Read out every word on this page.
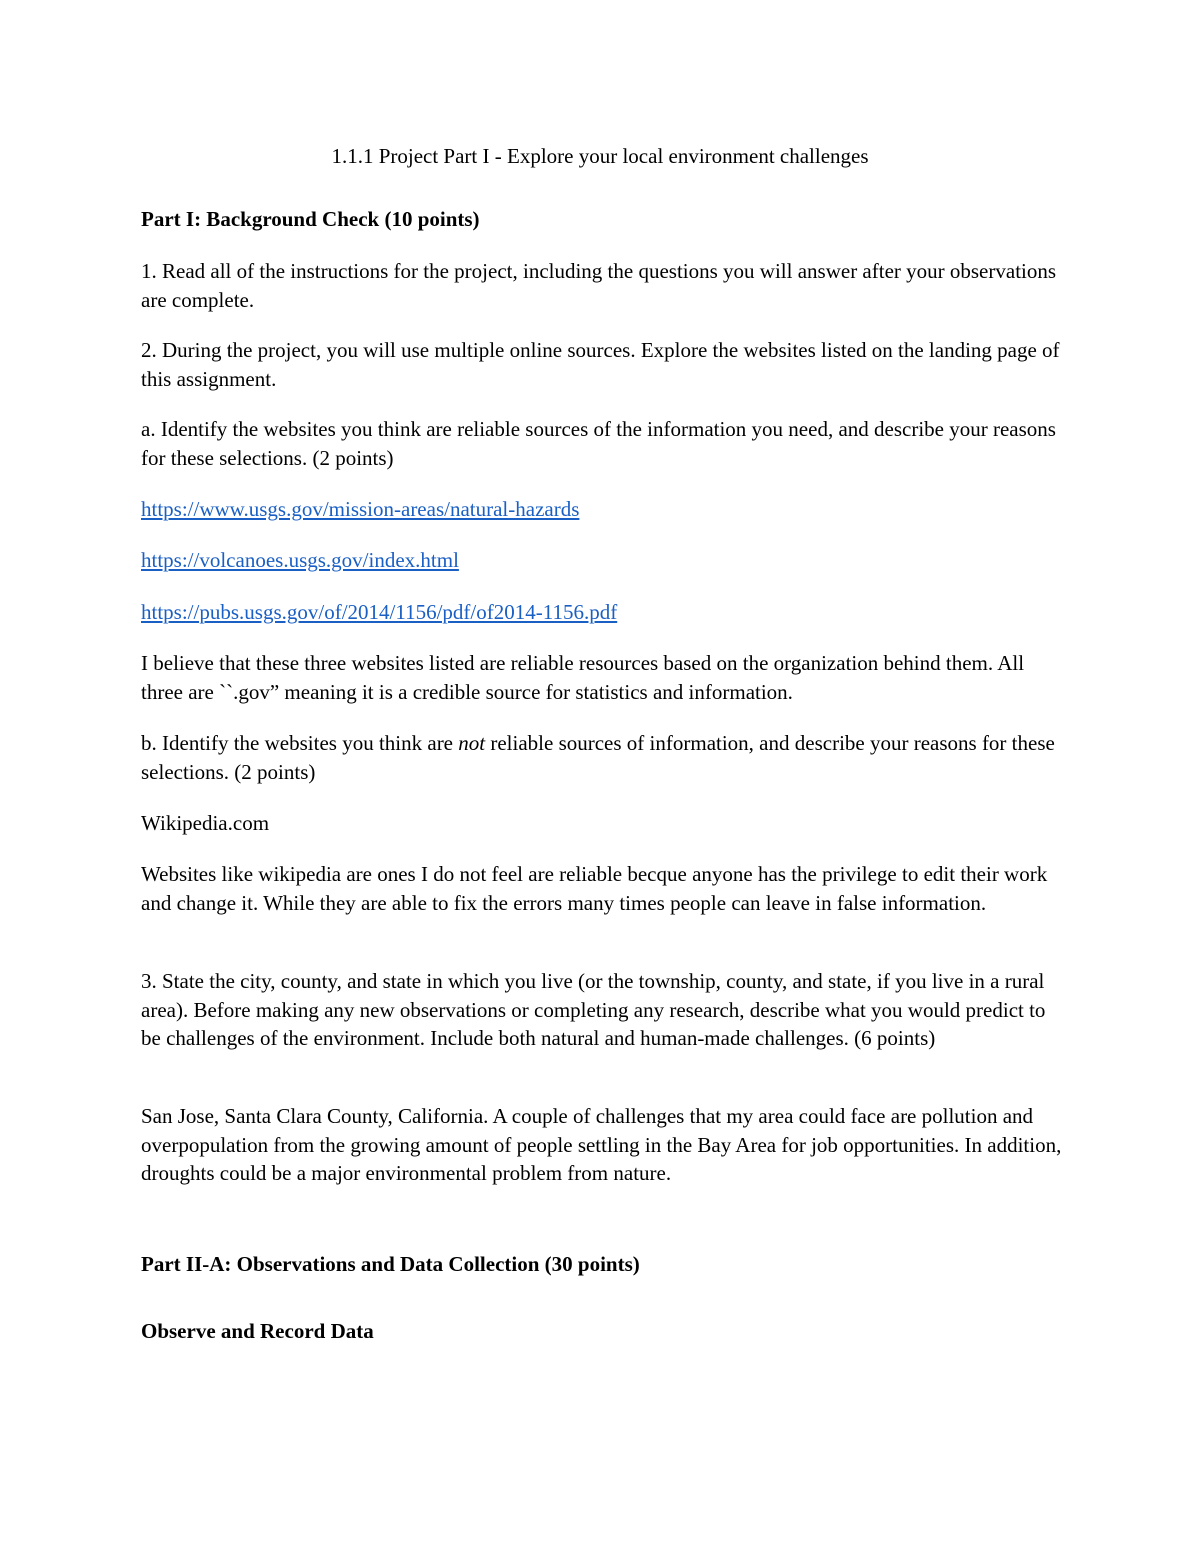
1.1.1 Project Part I - Explore your local environment challenges

Part I: Background Check (10 points)

1. Read all of the instructions for the project, including the questions you will answer after your observations are complete.

2. During the project, you will use multiple online sources. Explore the websites listed on the landing page of this assignment.

a. Identify the websites you think are reliable sources of the information you need, and describe your reasons for these selections. (2 points)

https://www.usgs.gov/mission-areas/natural-hazards

https://volcanoes.usgs.gov/index.html

https://pubs.usgs.gov/of/2014/1156/pdf/of2014-1156.pdf

I believe that these three websites listed are reliable resources based on the organization behind them. All three are ``.gov” meaning it is a credible source for statistics and information.

b. Identify the websites you think are not reliable sources of information, and describe your reasons for these selections. (2 points)

Wikipedia.com

Websites like wikipedia are ones I do not feel are reliable becque anyone has the privilege to edit their work and change it. While they are able to fix the errors many times people can leave in false information.

3. State the city, county, and state in which you live (or the township, county, and state, if you live in a rural area). Before making any new observations or completing any research, describe what you would predict to be challenges of the environment. Include both natural and human-made challenges. (6 points)

San Jose, Santa Clara County, California. A couple of challenges that my area could face are pollution and overpopulation from the growing amount of people settling in the Bay Area for job opportunities. In addition, droughts could be a major environmental problem from nature.

Part II-A: Observations and Data Collection (30 points)

Observe and Record Data
